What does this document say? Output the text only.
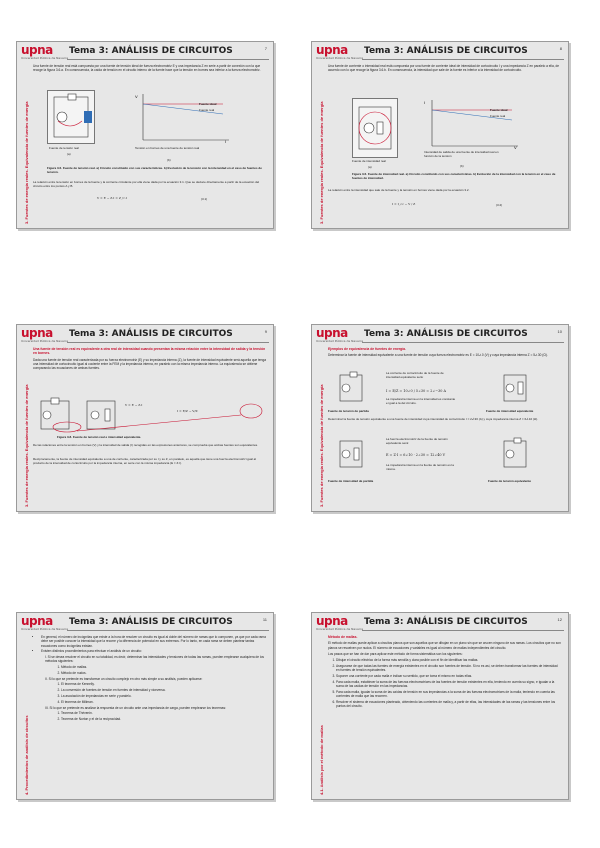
upna
Universidad Pública de Navarra
Tema 3: ANÁLISIS DE CIRCUITOS	7
3. Fuentes de energía reales. Equivalencia de fuentes de energía

Una fuente de tensión real está compuesta por una fuente de tensión ideal de fuerza electromotriz E y una impedancia Z en serie a partir de conexión con la que recoge la figura 3.6.a. En consecuencia, la caída de tensión en el circuito interno de la fuente hace que la tensión en bornes sea inferior a la fuerza electromotriz.

Fuente de tensión real
(a)
V
I
Fuente ideal
Fuente real
Tensión en bornes de una fuente de tensión real
(b)
Figura 3.6. Fuente de tensión real. a) Circuito constituido con sus características. b) Evolución de la tensión con la intensidad en el caso de fuentes de tensión.
La relación entre la tensión en bornes de la fuente y la corriente circulante por ella viene dada por la ecuación 3.1. Que se deduce directamente a partir de la ecuación del circuito entre los puntos A y B.
V = E − Z·I = Z_C·I	(3.1)
upna
Universidad Pública de Navarra
Tema 3: ANÁLISIS DE CIRCUITOS	8
3. Fuentes de energía reales. Equivalencia de fuentes de energía

Una fuente de corriente o intensidad real está compuesta por una fuente de corriente ideal de intensidad de cortocircuito I y una impedancia Z en paralelo a ella, de acuerdo con lo que recoge la figura 3.6.b. En consecuencia, la intensidad que sale de la fuente es inferior a la intensidad de cortocircuito.

Fuente de intensidad real
(a)
I
V
Fuente ideal
Fuente real
Intensidad de salida de una fuente de intensidad real en función de la tensión
(b)
Figura 3.6. Fuente de intensidad real. a) Circuito constituido con sus características. b) Evolución de la intensidad con la tensión en el caso de fuentes de intensidad.
La relación entre la intensidad que sale de la fuente y la tensión en bornes viene dada por la ecuación 3.2.
I = I_cc − V / Z	(3.2)
upna
Universidad Pública de Navarra
Tema 3: ANÁLISIS DE CIRCUITOS	9
3. Fuentes de energía reales. Equivalencia de fuentes de energía

Una fuente de tensión real es equivalente a otra real de intensidad cuando presentan la misma relación entre la intensidad de salida y la tensión en bornes.

Dada una fuente de tensión real caracterizada por su fuerza electromotriz (E) y su impedancia interna (Z), la fuente de intensidad equivalente será aquella que tenga una intensidad de cortocircuito igual al cociente entre la FEM y la impedancia interna, en paralelo con la misma impedancia interna. La equivalencia se obtiene comparando las ecuaciones de ambas fuentes.

V = E − Z·I
I = E/Z − V/Z
Figura 3.8. Fuente de tensión real e intensidad equivalente.
De las relaciones entre la tensión en bornes (V) y la intensidad de salida (I) recogidas en las expresiones anteriores, se comprueba que ambas fuentes son equivalentes.
Recíprocamente, la fuente de intensidad equivalente a una de corriente, caracterizada por su I y su Z, en paralelo, es aquella que tiene una fuerza electromotriz igual al producto de la intensidad de cortocircuito por la impedancia interna, en serie con la misma impedancia (E = Z·I).
upna
Universidad Pública de Navarra
Tema 3: ANÁLISIS DE CIRCUITOS	10
3. Fuentes de energía reales. Equivalencia de fuentes de energía

Ejemplos de equivalencia de fuentes de energía.

Determinar la fuente de intensidad equivalente a una fuente de tensión cuya fuerza electromotriz es E = 10∠0 (V) y cuya impedancia interna Z = 5∠30 (Ω).

La corriente de cortocircuito de la fuente de intensidad equivalente será:
I = E/Z = 10∠0 / 5∠30 = 2∠−30 A
La impedancia interna en la intensidad es constante e igual a la del circuito.
Fuente de tensión de partida	Fuente de intensidad equivalente
Determinar la fuente de tensión equivalente a una fuente de intensidad cuya intensidad de cortocircuito I = 2∠30 (A) y cuya impedancia interna Z = 6∠10 (Ω).
La fuerza electromotriz de la fuente de tensión equivalente será:
E = Z·I = 6∠10 · 2∠30 = 12∠40 V
La impedancia interna en la fuente de tensión es la misma.
Fuente de intensidad de partida	Fuente de tensión equivalente
upna
Universidad Pública de Navarra
Tema 3: ANÁLISIS DE CIRCUITOS	11
4. Procedimientos de análisis de circuitos
• En general, el número de incógnitas que existe a la hora de resolver un circuito es igual al doble del número de ramas que lo componen, ya que por cada rama debe ser posible conocer la intensidad que la recorre y la diferencia de potencial en sus extremos. Por lo tanto, en cada rama se deben plantear tantas ecuaciones como incógnitas existan.
• Existen distintos procedimientos para efectuar el análisis de un circuito:
I. Si se desea resolver el circuito en su totalidad, es decir, determinar las intensidades y tensiones de todas las ramas, pueden emplearse cualquiera de los métodos siguientes:
1. Método de mallas.
2. Método de nudos.
II. Si lo que se pretende es transformar un circuito complejo en otro más simple a su análisis, pueden aplicarse:
1. El teorema de Kennelly.
2. La conversión de fuentes de tensión en fuentes de intensidad y viceversa.
3. La asociación de impedancias en serie y paralelo.
4. El teorema de Millman.
III. Si lo que se pretende es analizar la respuesta de un circuito ante una impedancia de carga, pueden emplearse los teoremas:
1. Teorema de Thévenin.
2. Teorema de Norton y el de la reciprocidad.
upna
Universidad Pública de Navarra
Tema 3: ANÁLISIS DE CIRCUITOS	12
4.1. Análisis por el método de mallas

Método de mallas.

El método de mallas puede aplicar a circuitos planos que son aquellos que se dibujan en un plano sin que se crucen ninguno de sus ramas. Los circuitos que no son planos se resuelven por nudos. El número de ecuaciones y variables es igual al número de mallas independientes del circuito.

Los pasos que se han de dar para aplicar este método de forma sistemática son los siguientes:

1. Dibujar el circuito eléctrico de la forma más sencilla y clara posible con el fin de identificar las mallas.
2. Asegurarse de que todas las fuentes de energía existentes en el circuito son fuentes de tensión. Si no es así, se deben transformar las fuentes de intensidad en fuentes de tensión equivalentes.
3. Suponer una corriente por cada malla e indicar su sentido, que se toma el mismo en todas ellas.
4. Para cada malla, establecer la suma de las fuerzas electromotrices de las fuentes de tensión existentes en ella, teniendo en cuenta su signo, e igualar a la suma de las caídas de tensión en las impedancias.
5. Para cada malla, igualar la suma de las caídas de tensión en sus impedancias a la suma de las fuerzas electromotrices de la malla, teniendo en cuenta las corrientes de malla que las recorren.
6. Resolver el sistema de ecuaciones planteado, obteniendo las corrientes de malla y, a partir de ellas, las intensidades de las ramas y las tensiones entre los puntos del circuito.
